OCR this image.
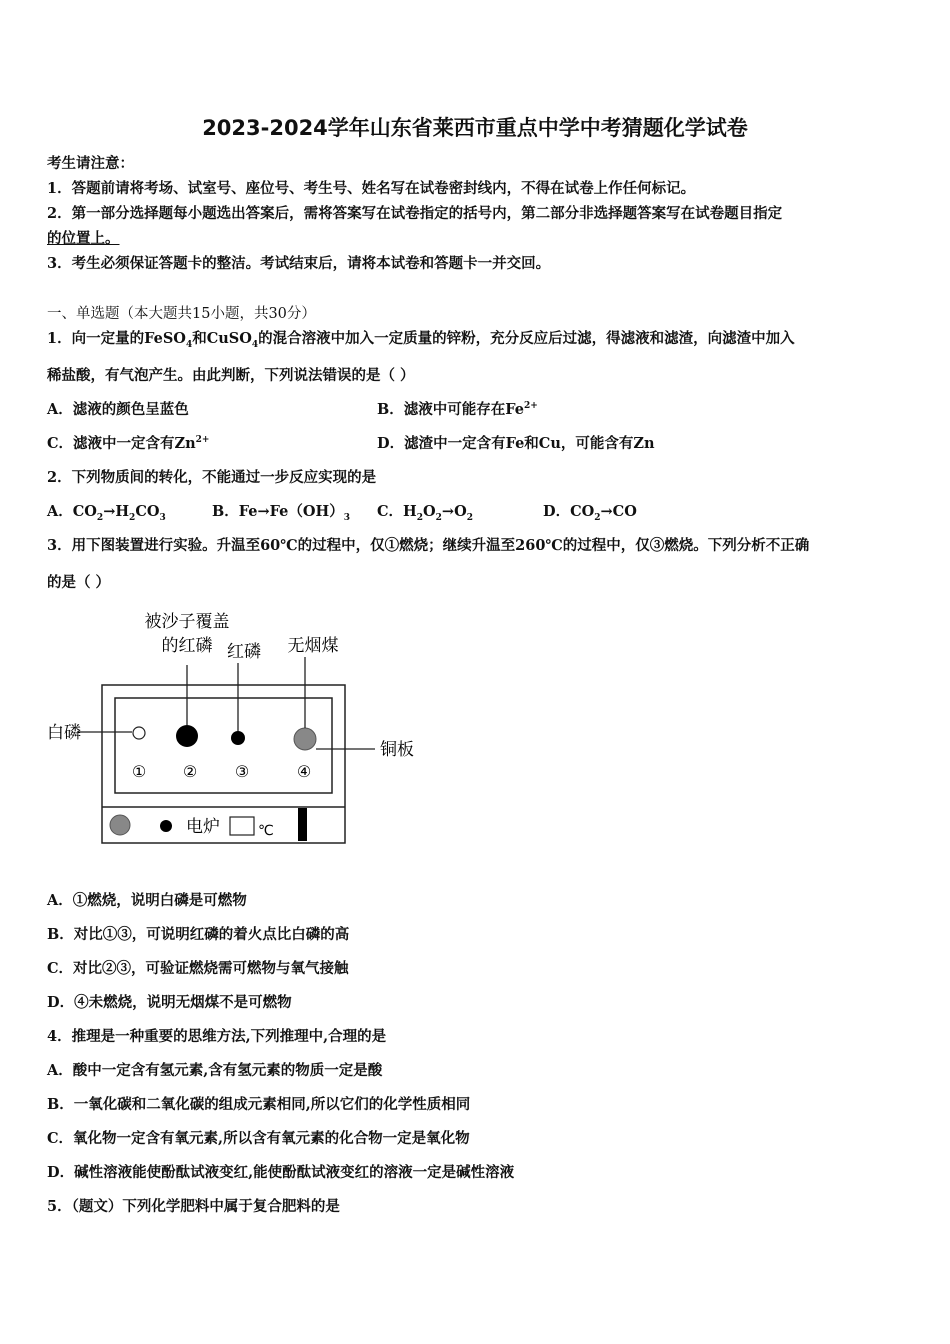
2023-2024学年山东省莱西市重点中学中考猜题化学试卷
考生请注意：
1．答题前请将考场、试室号、座位号、考生号、姓名写在试卷密封线内，不得在试卷上作任何标记。
2．第一部分选择题每小题选出答案后，需将答案写在试卷指定的括号内，第二部分非选择题答案写在试卷题目指定
的位置上。
3．考生必须保证答题卡的整洁。考试结束后，请将本试卷和答题卡一并交回。
一、单选题（本大题共15小题，共30分）
1．向一定量的FeSO$_4$和CuSO$_4$的混合溶液中加入一定质量的锌粉，充分反应后过滤，得滤液和滤渣，向滤渣中加入
稀盐酸，有气泡产生。由此判断，下列说法错误的是（ ）
A．滤液的颜色呈蓝色	B．滤液中可能存在$Fe^{2+}$
C．滤液中一定含有$Zn^{2+}$	D．滤渣中一定含有Fe和Cu，可能含有Zn
2．下列物质间的转化，不能通过一步反应实现的是
A．$CO_2\to H_2CO_3$	B．$Fe\to Fe(OH)_3$ C．$H_2O_2\to O_2$	D．$CO_2\to CO$
3．用下图装置进行实验。升温至60℃的过程中，仅①燃烧；继续升温至260℃的过程中，仅③燃烧。下列分析不正确
的是（ ）
被沙子覆盖
的红磷 红磷 无烟煤
白磷
铜板
① ② ③	④
电炉	℃
A．①燃烧，说明白磷是可燃物
B．对比①③，可说明红磷的着火点比白磷的高
C．对比②③，可验证燃烧需可燃物与氧气接触
D．④未燃烧，说明无烟煤不是可燃物
4．推理是一种重要的思维方法,下列推理中,合理的是
A．酸中一定含有氢元素,含有氢元素的物质一定是酸
B．一氧化碳和二氧化碳的组成元素相同,所以它们的化学性质相同
C．氧化物一定含有氧元素,所以含有氧元素的化合物一定是氧化物
D．碱性溶液能使酚酞试液变红,能使酚酞试液变红的溶液一定是碱性溶液
5．（题文）下列化学肥料中属于复合肥料的是
